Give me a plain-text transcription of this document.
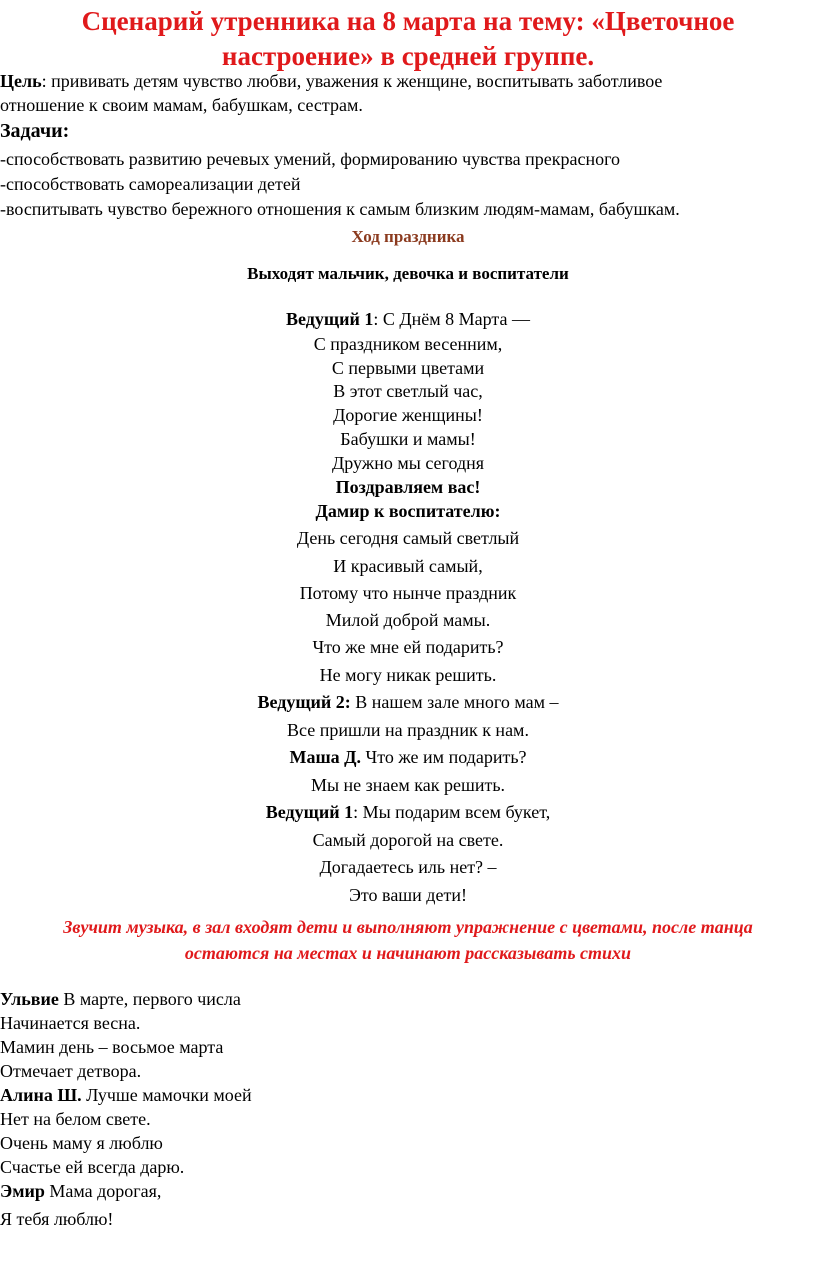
Сценарий утренника на 8 марта на тему: «Цветочное
настроение» в средней группе.
Цель: прививать детям чувство любви, уважения к женщине, воспитывать заботливое
отношение к своим мамам, бабушкам, сестрам.
Задачи:
-способствовать развитию речевых умений, формированию чувства прекрасного
-способствовать самореализации детей
-воспитывать чувство бережного отношения к самым близким людям-мамам, бабушкам.
Ход праздника
Выходят мальчик, девочка и воспитатели
Ведущий 1: С Днём 8 Марта —
С праздником весенним,
С первыми цветами
В этот светлый час,
Дорогие женщины!
Бабушки и мамы!
Дружно мы сегодня
Поздравляем вас!
Дамир к воспитателю:
День сегодня самый светлый
И красивый самый,
Потому что нынче праздник
Милой доброй мамы.
Что же мне ей подарить?
Не могу никак решить.
Ведущий 2: В нашем зале много мам –
Все пришли на праздник к нам.
Маша Д. Что же им подарить?
Мы не знаем как решить.
Ведущий 1: Мы подарим всем букет,
Самый дорогой на свете.
Догадаетесь иль нет? –
Это ваши дети!
Звучит музыка, в зал входят дети и выполняют упражнение с цветами, после танца
остаются на местах и начинают рассказывать стихи
Ульвие В марте, первого числа
Начинается весна.
Мамин день – восьмое марта
Отмечает детвора.
Алина Ш. Лучше мамочки моей
Нет на белом свете.
Очень маму я люблю
Счастье ей всегда дарю.
Эмир Мама дорогая,
Я тебя люблю!
